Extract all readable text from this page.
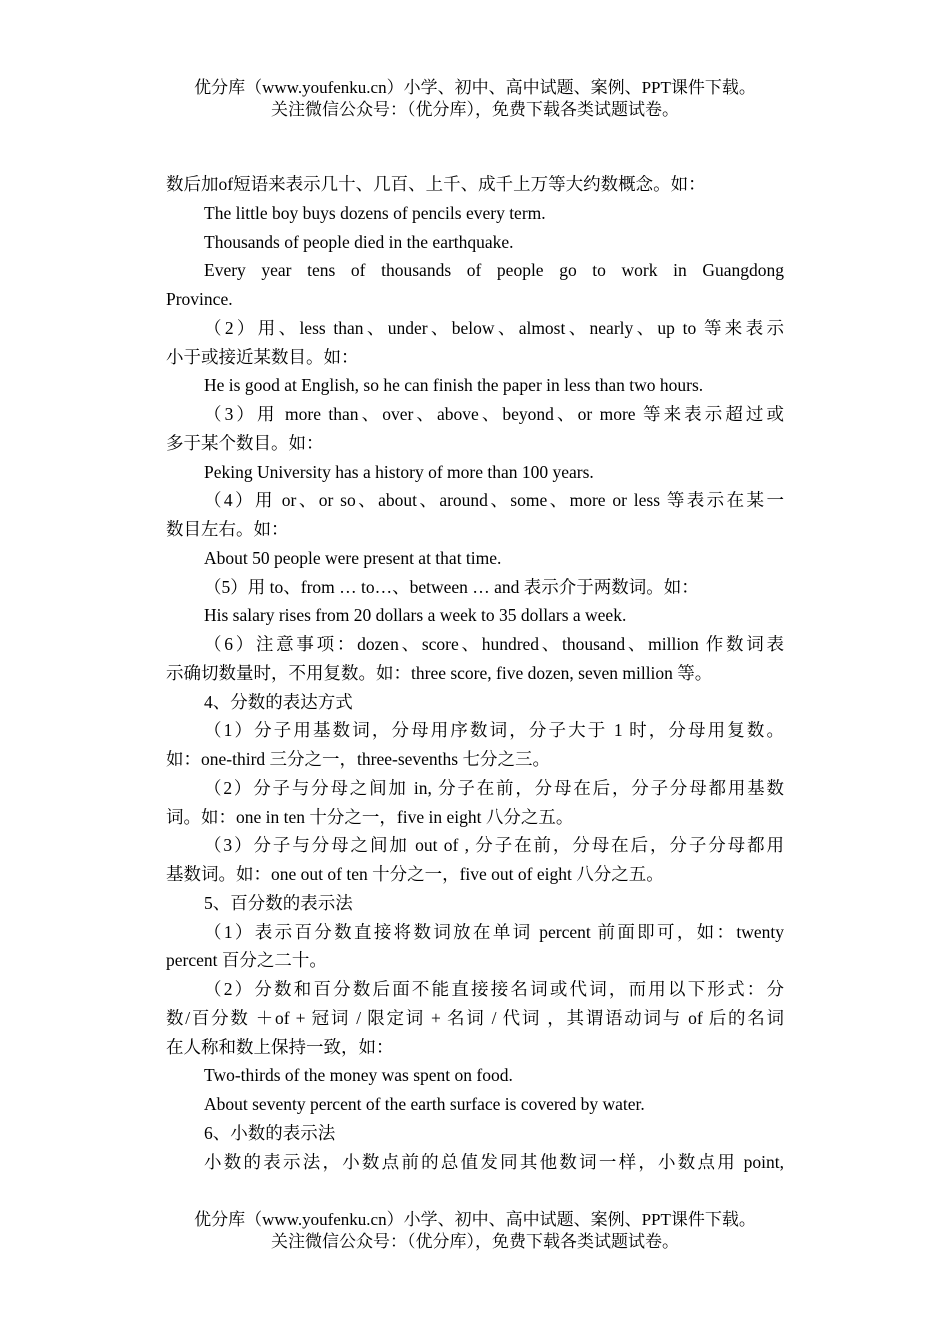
优分库（www.youfenku.cn）小学、初中、高中试题、案例、PPT课件下载。
关注微信公众号：（优分库），免费下载各类试题试卷。
数后加of短语来表示几十、几百、上千、成千上万等大约数概念。如：
The little boy buys dozens of pencils every term.
Thousands of people died in the earthquake.
Every year tens of thousands of people go to work in Guangdong
Province.
（2）用、less than、under、below、almost、nearly、up to 等来表示
小于或接近某数目。如：
He is good at English, so he can finish the paper in less than two hours.
（3）用 more than、over、above、beyond、or more 等来表示超过或
多于某个数目。如：
Peking University has a history of more than 100 years.
（4）用 or、or so、about、around、some、more or less 等表示在某一
数目左右。如：
About 50 people were present at that time.
（5）用 to、from … to…、between … and 表示介于两数词。如：
His salary rises from 20 dollars a week to 35 dollars a week.
（6）注意事项：dozen、score、hundred、thousand、million 作数词表
示确切数量时，不用复数。如：three score, five dozen, seven million 等。
4、分数的表达方式
（1）分子用基数词，分母用序数词，分子大于 1 时，分母用复数。
如：one-third 三分之一，three-sevenths 七分之三。
（2）分子与分母之间加 in, 分子在前，分母在后，分子分母都用基数
词。如：one in ten 十分之一，five in eight 八分之五。
（3）分子与分母之间加 out of , 分子在前，分母在后，分子分母都用
基数词。如：one out of ten 十分之一，five out of eight 八分之五。
5、百分数的表示法
（1）表示百分数直接将数词放在单词 percent 前面即可，如：twenty
percent 百分之二十。
（2）分数和百分数后面不能直接接名词或代词，而用以下形式：分
数/百分数 ＋of + 冠词 / 限定词 + 名词 / 代词 ，其谓语动词与 of 后的名词
在人称和数上保持一致，如：
Two-thirds of the money was spent on food.
About seventy percent of the earth surface is covered by water.
6、小数的表示法
小数的表示法，小数点前的总值发同其他数词一样，小数点用 point,
优分库（www.youfenku.cn）小学、初中、高中试题、案例、PPT课件下载。
关注微信公众号：（优分库），免费下载各类试题试卷。
